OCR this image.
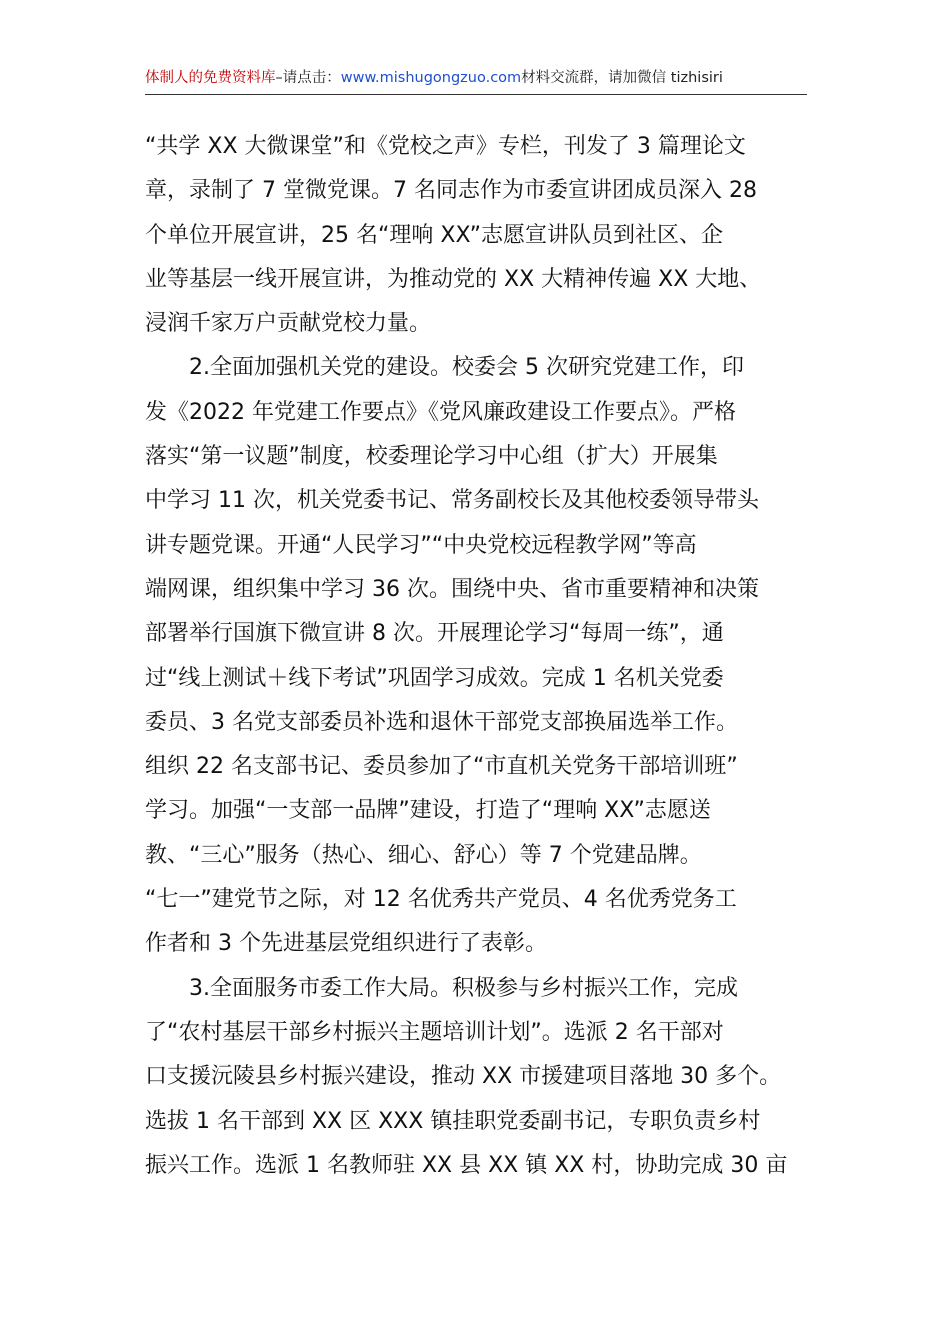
体制人的免费资料库–请点击：www.mishugongzuo.com材料交流群，请加微信 tizhisiri
“共学 XX 大微课堂”和《党校之声》专栏，刊发了 3 篇理论文
章，录制了 7 堂微党课。7 名同志作为市委宣讲团成员深入 28
个单位开展宣讲，25 名“理响 XX”志愿宣讲队员到社区、企
业等基层一线开展宣讲，为推动党的 XX 大精神传遍 XX 大地、
浸润千家万户贡献党校力量。
　　2.全面加强机关党的建设。校委会 5 次研究党建工作，印
发《2022 年党建工作要点》《党风廉政建设工作要点》。严格
落实“第一议题”制度，校委理论学习中心组（扩大）开展集
中学习 11 次，机关党委书记、常务副校长及其他校委领导带头
讲专题党课。开通“人民学习”“中央党校远程教学网”等高
端网课，组织集中学习 36 次。围绕中央、省市重要精神和决策
部署举行国旗下微宣讲 8 次。开展理论学习“每周一练”，通
过“线上测试＋线下考试”巩固学习成效。完成 1 名机关党委
委员、3 名党支部委员补选和退休干部党支部换届选举工作。
组织 22 名支部书记、委员参加了“市直机关党务干部培训班”
学习。加强“一支部一品牌”建设，打造了“理响 XX”志愿送
教、“三心”服务（热心、细心、舒心）等 7 个党建品牌。
“七一”建党节之际，对 12 名优秀共产党员、4 名优秀党务工
作者和 3 个先进基层党组织进行了表彰。
　　3.全面服务市委工作大局。积极参与乡村振兴工作，完成
了“农村基层干部乡村振兴主题培训计划”。选派 2 名干部对
口支援沅陵县乡村振兴建设，推动 XX 市援建项目落地 30 多个。
选拔 1 名干部到 XX 区 XXX 镇挂职党委副书记，专职负责乡村
振兴工作。选派 1 名教师驻 XX 县 XX 镇 XX 村，协助完成 30 亩
